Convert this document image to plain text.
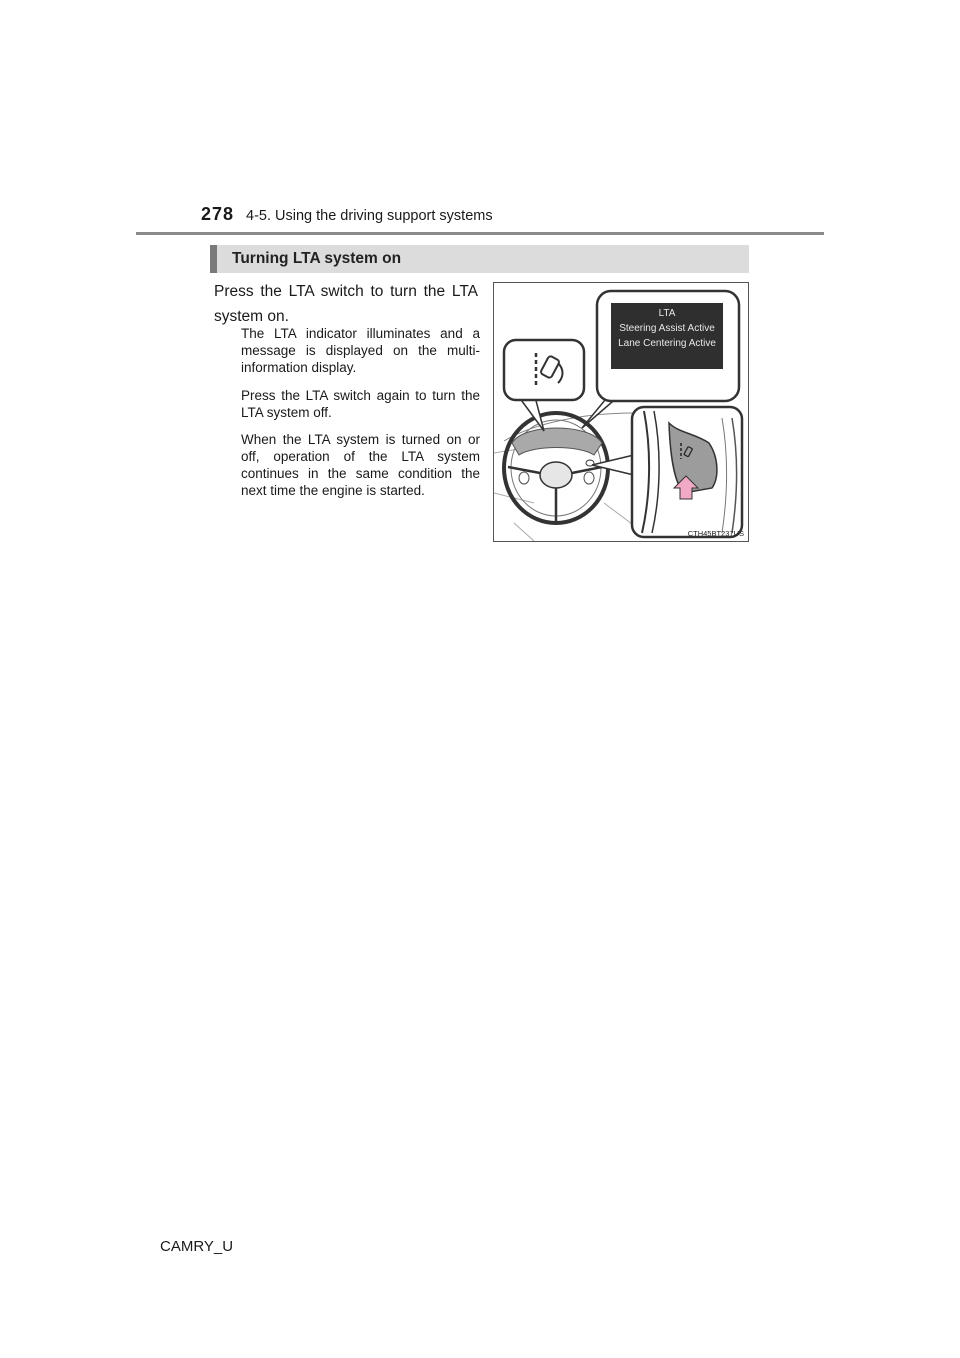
278 4-5. Using the driving support systems
Turning LTA system on
Press the LTA switch to turn the LTA system on.
The LTA indicator illuminates and a message is displayed on the multi-information display.
Press the LTA switch again to turn the LTA system off.
When the LTA system is turned on or off, operation of the LTA system continues in the same condition the next time the engine is started.
LTA
Steering Assist Active
Lane Centering Active
CTH45BT237US
CAMRY_U
